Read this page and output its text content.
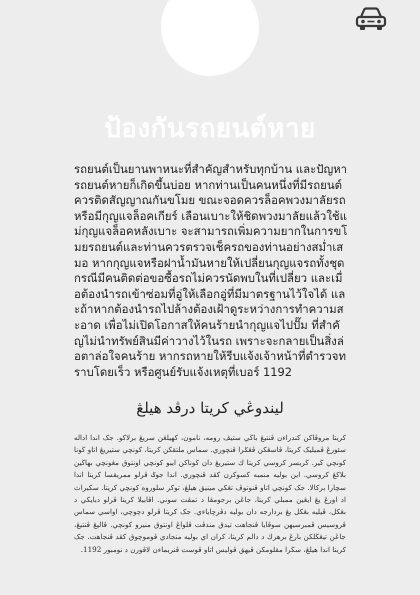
ป้องกันรถยนต์หาย
รถยนต์เป็นยานพาหนะที่สำคัญสำหรับทุกบ้าน และปัญหารถยนต์หายก็เกิดขึ้นบ่อย หากท่านเป็นคนหนึ่งที่มีรถยนต์ ควรติดสัญญาณกันขโมย ขณะจอดควรล็อคพวงมาลัยรถหรือมีกุญแจล็อคเกียร์ เลือนเบาะให้ชิดพวงมาลัยแล้วใช้แม่กุญแจล็อคหลังเบาะ จะสามารถเพิ่มความยากในการขโมยรถยนต์และท่านควรตรวจเช็ครถของท่านอย่างสม่ำเสมอ หากกุญแจหรือฝาน้ำมันหายให้เปลี่ยนกุญแจรถทั้งชุด กรณีมีคนติดต่อขอซื้อรถไม่ควรนัดพบในที่เปลี่ยว และเมื่อต้องนำรถเข้าซ่อมที่อู่ให้เลือกอู่ที่มีมาตรฐานไว้ใจได้ และถ้าหากต้องนำรถไปล้างต้องเฝ้าดูระหว่างการทำความสะอาด เพื่อไม่เปิดโอกาสให้คนร้ายนำกุญแจไปปั๊ม ที่สำคัญไม่นำทรัพย์สินมีค่าวางไว้ในรถ เพราะจะกลายเป็นสิ่งล่อตาล่อใจคนร้าย หากรถหายให้รีบแจ้งเจ้าหน้าที่ตำรวจทราบโดยเร็ว หรือศูนย์รับแจ้งเหตุที่เบอร์ 1192
ليندوڠي كريتا درڤد هيلڠ
كريتا مروڤاكن كندراءن ڤنتيڠ باڬي ستيڤ رومه، نامون، كهيلڠن سريڠ برلاكو. جک اندا اداله سئورڠ ڤميليک كريتا، ڤاسڠكن ڤڠݢرا ڤنچوري. سماس ملتقكن كريتا، كونچي ستيريڠ اتاو ڬونا كونچي ڬير. ڬريسر كروسي كريتا ك ستيريڠ دان ڬوناكن ايبو كونچي اونتوق مڠونچي بهاڬين بلاكڠ كروسي. اين بوليه منمبه كسوكرن كڤد ڤنچوري. اندا جوݢ ڤرلو ممريقسا كريتا اندا سچارا بركالا. جک كونچي اتاو ڤنوتوڤ تڠکي مينيق هيلڠ، توکر سلوروه كونچي كريتا. سکيراث اد اورڠ يڠ ايڠين ممبلي كريتا، جاڠن برجومڤا د تمڤت سوني. اڤابيلا كريتا ڤرلو دبايکي د بڠكل، ڤيليه بڠكل يڠ بردارجه دان بوليه دڤرچاياءي. جک كريتا ڤرلو دچوچي، اواسي سماس ڤروسيس ڤمبرسيهن سوڤايا ڤنجاهت تيدق مندڤت ڤلواڠ اونتوق منيرو كونچي. ڤاليڠ ڤنتيڠ، جاڠن تيڠڬلكن بارڠ برهرڬ د دالم كريتا، كران اي بوليه منجادي ڤوموچوق كڤد ڤنجاهت. جک كريتا اندا هيلڠ، سڬرا مقلومكن ڤيهق ڤوليس اتاو ڤوست ڤنريماءن لاڤورن د نومبور 1192.
